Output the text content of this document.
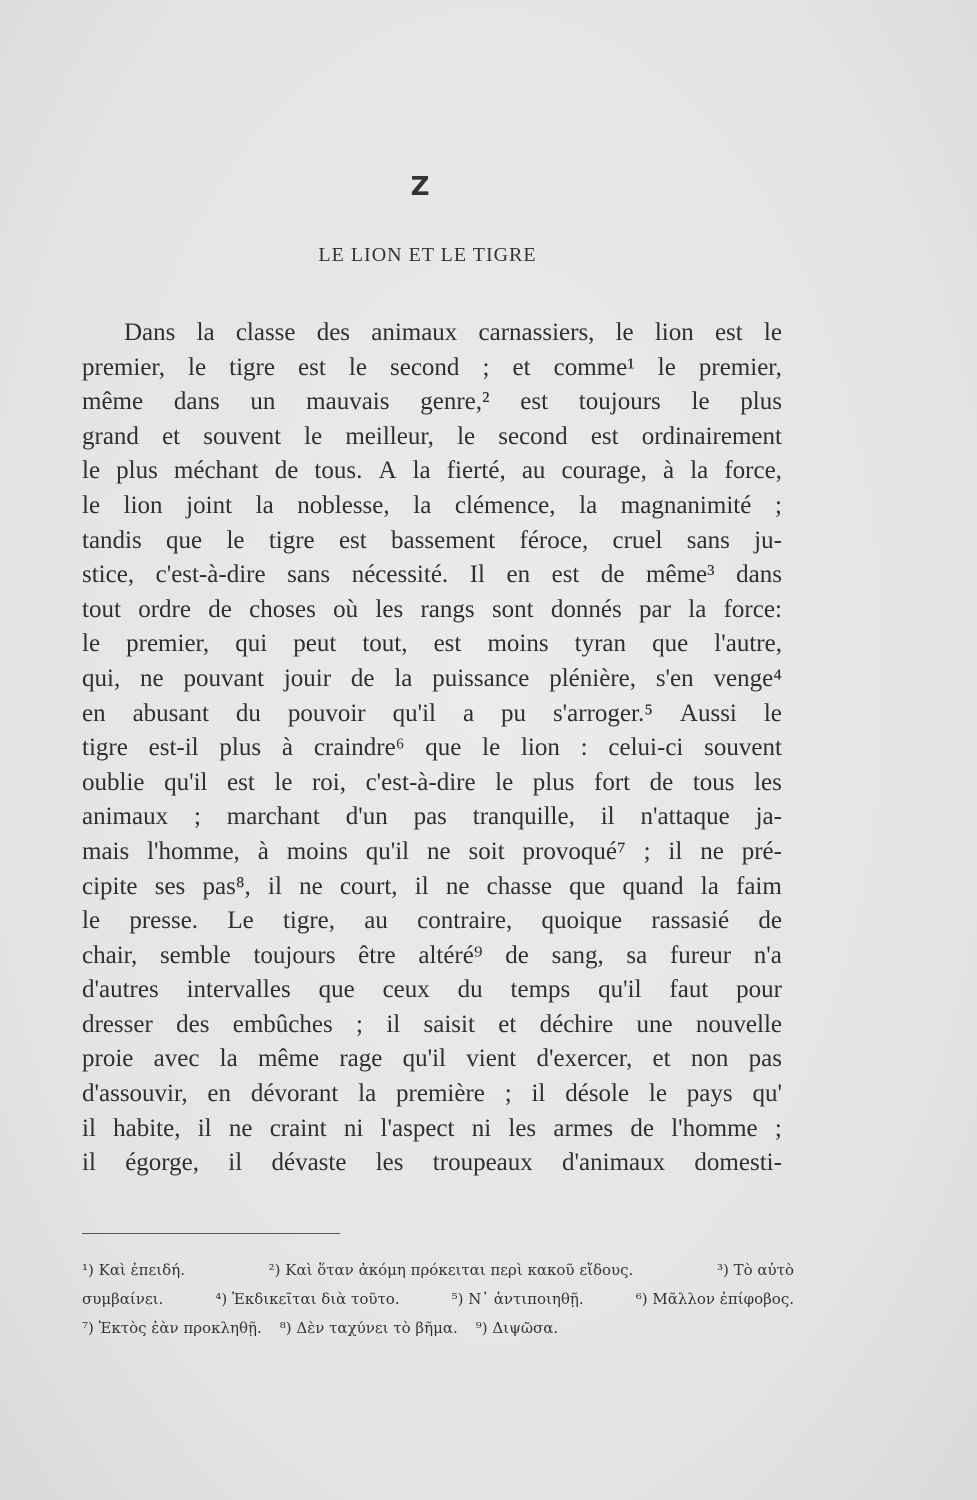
Z
LE LION ET LE TIGRE
Dans la classe des animaux carnassiers, le lion est le
premier, le tigre est le second ; et comme¹ le premier,
même dans un mauvais genre,² est toujours le plus
grand et souvent le meilleur, le second est ordinairement
le plus méchant de tous. A la fierté, au courage, à la force,
le lion joint la noblesse, la clémence, la magnanimité ;
tandis que le tigre est bassement féroce, cruel sans ju-
stice, c'est-à-dire sans nécessité. Il en est de même³ dans
tout ordre de choses où les rangs sont donnés par la force:
le premier, qui peut tout, est moins tyran que l'autre,
qui, ne pouvant jouir de la puissance plénière, s'en venge⁴
en abusant du pouvoir qu'il a pu s'arroger.⁵ Aussi le
tigre est-il plus à craindre⁶ que le lion : celui-ci souvent
oublie qu'il est le roi, c'est-à-dire le plus fort de tous les
animaux ; marchant d'un pas tranquille, il n'attaque ja-
mais l'homme, à moins qu'il ne soit provoqué⁷ ; il ne pré-
cipite ses pas⁸, il ne court, il ne chasse que quand la faim
le presse. Le tigre, au contraire, quoique rassasié de
chair, semble toujours être altéré⁹ de sang, sa fureur n'a
d'autres intervalles que ceux du temps qu'il faut pour
dresser des embûches ; il saisit et déchire une nouvelle
proie avec la même rage qu'il vient d'exercer, et non pas
d'assouvir, en dévorant la première ; il désole le pays qu'
il habite, il ne craint ni l'aspect ni les armes de l'homme ;
il égorge, il dévaste les troupeaux d'animaux domesti-
¹) Καὶ ἐπειδή.	²) Καὶ ὅταν ἀκόμη πρόκειται περὶ κακοῦ εἴδους.	³) Τὸ αὐτὸ
συμβαίνει.	⁴) Ἐκδικεῖται διὰ τοῦτο.	⁵) Ν᾽ ἀντιποιηθῇ.	⁶) Μᾶλλον ἐπίφοβος.
⁷) Ἐκτὸς ἐὰν προκληθῇ. ⁸) Δὲν ταχύνει τὸ βῆμα. ⁹) Διψῶσα.
